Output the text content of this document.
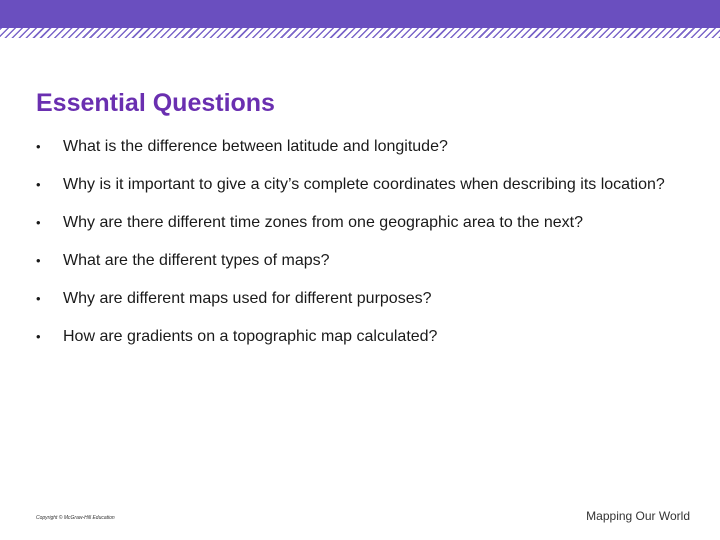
Essential Questions
• What is the difference between latitude and longitude?
• Why is it important to give a city’s complete coordinates when describing its location?
• Why are there different time zones from one geographic area to the next?
• What are the different types of maps?
• Why are different maps used for different purposes?
• How are gradients on a topographic map calculated?
Copyright © McGraw-Hill Education	Mapping Our World
